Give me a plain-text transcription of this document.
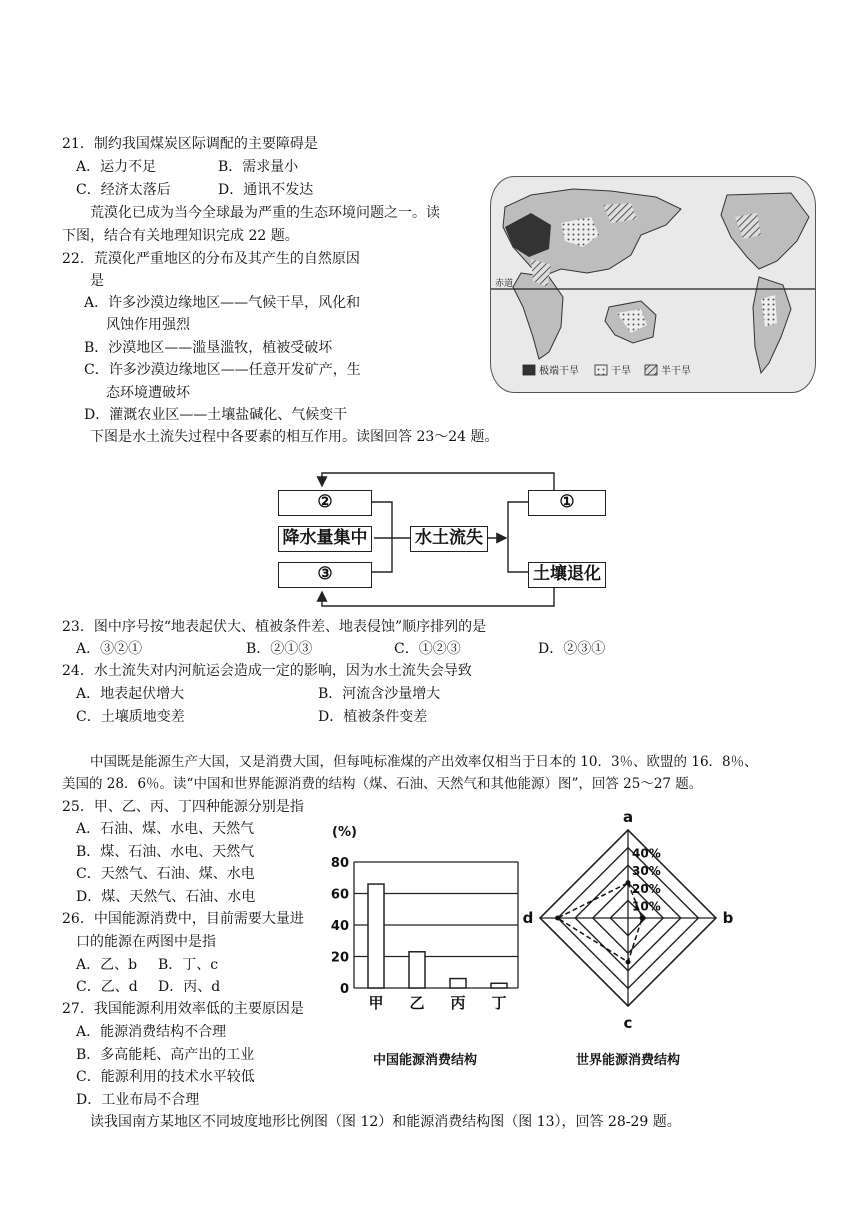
21．制约我国煤炭区际调配的主要障碍是
A．运力不足	B．需求量小
C．经济太落后	D．通讯不发达
荒漠化已成为当今全球最为严重的生态环境问题之一。读
下图，结合有关地理知识完成 22 题。
22．荒漠化严重地区的分布及其产生的自然原因
是
A．许多沙漠边缘地区——气候干旱，风化和
风蚀作用强烈
B．沙漠地区——滥垦滥牧，植被受破坏
C．许多沙漠边缘地区——任意开发矿产，生
态环境遭破坏
D．灌溉农业区——土壤盐碱化、气候变干
赤道
极端干旱	干旱	半干旱
下图是水土流失过程中各要素的相互作用。读图回答 23～24 题。
②
降水量集中
③
水土流失
①
土壤退化
23．图中序号按“地表起伏大、植被条件差、地表侵蚀”顺序排列的是
A．③②①	B．②①③	C．①②③	D．②③①
24．水土流失对内河航运会造成一定的影响，因为水土流失会导致
A．地表起伏增大	B．河流含沙量增大
C．土壤质地变差	D．植被条件变差
中国既是能源生产大国，又是消费大国，但每吨标准煤的产出效率仅相当于日本的 10．3％、欧盟的 16．8％、
美国的 28．6％。读“中国和世界能源消费的结构（煤、石油、天然气和其他能源）图”，回答 25～27 题。
25．甲、乙、丙、丁四种能源分别是指
A．石油、煤、水电、天然气
B．煤、石油、水电、天然气
C．天然气、石油、煤、水电
D．煤、天然气、石油、水电
26．中国能源消费中，目前需要大量进
口的能源在两图中是指
A．乙、b B．丁、c
C．乙、d D．丙、d
27．我国能源利用效率低的主要原因是
A．能源消费结构不合理
B．多高能耗、高产出的工业
C．能源利用的技术水平较低
D．工业布局不合理
读我国南方某地区不同坡度地形比例图（图 12）和能源消费结构图（图 13），回答 28-29 题。
0
20
40
60
80
甲 乙 丙 丁
(%)
中国能源消费结构
10%
20%
30%
40%
a
b
c
d
世界能源消费结构
